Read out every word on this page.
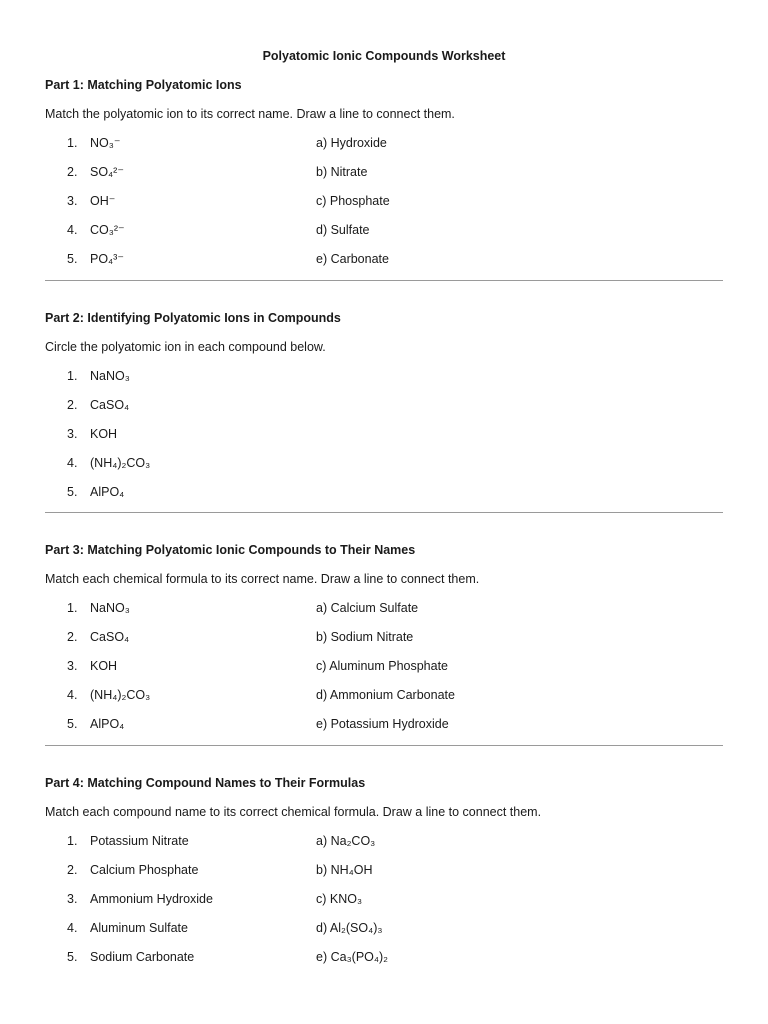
Polyatomic Ionic Compounds Worksheet
Part 1: Matching Polyatomic Ions
Match the polyatomic ion to its correct name. Draw a line to connect them.
1. NO₃⁻	a) Hydroxide
2. SO₄²⁻	b) Nitrate
3. OH⁻	c) Phosphate
4. CO₃²⁻	d) Sulfate
5. PO₄³⁻	e) Carbonate
Part 2: Identifying Polyatomic Ions in Compounds
Circle the polyatomic ion in each compound below.
1. NaNO₃
2. CaSO₄
3. KOH
4. (NH₄)₂CO₃
5. AlPO₄
Part 3: Matching Polyatomic Ionic Compounds to Their Names
Match each chemical formula to its correct name. Draw a line to connect them.
1. NaNO₃	a) Calcium Sulfate
2. CaSO₄	b) Sodium Nitrate
3. KOH	c) Aluminum Phosphate
4. (NH₄)₂CO₃	d) Ammonium Carbonate
5. AlPO₄	e) Potassium Hydroxide
Part 4: Matching Compound Names to Their Formulas
Match each compound name to its correct chemical formula. Draw a line to connect them.
1. Potassium Nitrate	a) Na₂CO₃
2. Calcium Phosphate	b) NH₄OH
3. Ammonium Hydroxide	c) KNO₃
4. Aluminum Sulfate	d) Al₂(SO₄)₃
5. Sodium Carbonate	e) Ca₃(PO₄)₂
